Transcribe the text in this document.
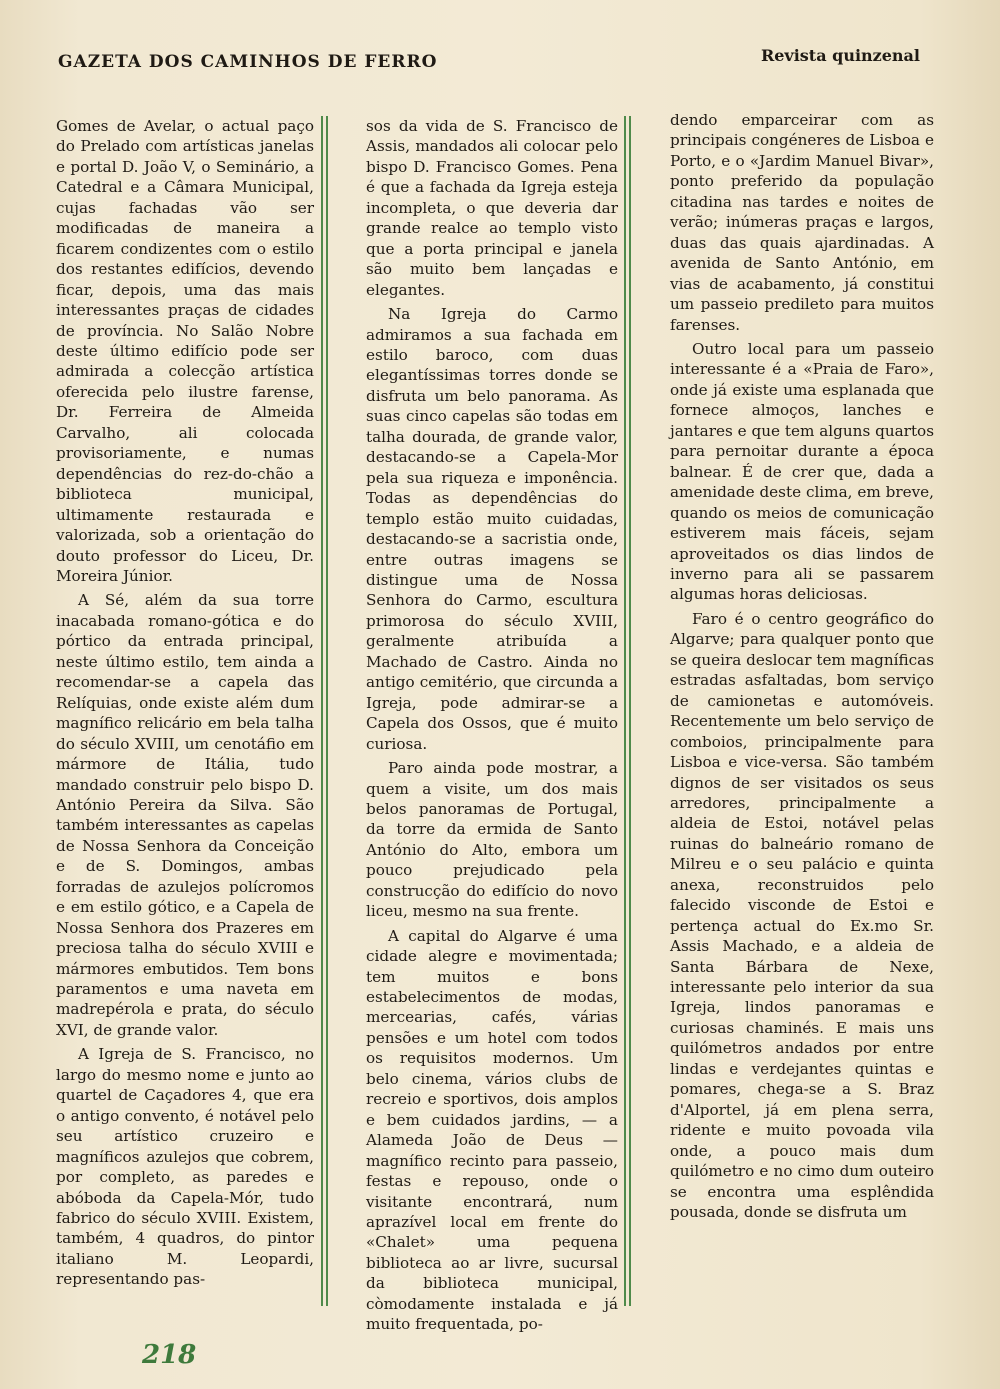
GAZETA DOS CAMINHOS DE FERRO	Revista quinzenal

Gomes de Avelar, o actual paço do Prelado com artísticas janelas e portal D. João V, o Seminário, a Catedral e a Câmara Municipal, cujas fachadas vão ser modificadas de maneira a ficarem condizentes com o estilo dos restantes edifícios, devendo ficar, depois, uma das mais interessantes praças de cidades de província. No Salão Nobre deste último edifício pode ser admirada a colecção artística oferecida pelo ilustre farense, Dr. Ferreira de Almeida Carvalho, ali colocada provisoriamente, e numas dependências do rez-do-chão a biblioteca municipal, ultimamente restaurada e valorizada, sob a orientação do douto professor do Liceu, Dr. Moreira Júnior.

A Sé, além da sua torre inacabada romano-gótica e do pórtico da entrada principal, neste último estilo, tem ainda a recomendar-se a capela das Relíquias, onde existe além dum magnífico relicário em bela talha do século XVIII, um cenotáfio em mármore de Itália, tudo mandado construir pelo bispo D. António Pereira da Silva. São também interessantes as capelas de Nossa Senhora da Conceição e de S. Domingos, ambas forradas de azulejos polícromos e em estilo gótico, e a Capela de Nossa Senhora dos Prazeres em preciosa talha do século XVIII e mármores embutidos. Tem bons paramentos e uma naveta em madrepérola e prata, do século XVI, de grande valor.

A Igreja de S. Francisco, no largo do mesmo nome e junto ao quartel de Caçadores 4, que era o antigo convento, é notável pelo seu artístico cruzeiro e magníficos azulejos que cobrem, por completo, as paredes e abóboda da Capela-Mór, tudo fabrico do século XVIII. Existem, também, 4 quadros, do pintor italiano M. Leopardi, representando pas-

sos da vida de S. Francisco de Assis, mandados ali colocar pelo bispo D. Francisco Gomes. Pena é que a fachada da Igreja esteja incompleta, o que deveria dar grande realce ao templo visto que a porta principal e janela são muito bem lançadas e elegantes.

Na Igreja do Carmo admiramos a sua fachada em estilo baroco, com duas elegantíssimas torres donde se disfruta um belo panorama. As suas cinco capelas são todas em talha dourada, de grande valor, destacando-se a Capela-Mor pela sua riqueza e imponência. Todas as dependências do templo estão muito cuidadas, destacando-se a sacristia onde, entre outras imagens se distingue uma de Nossa Senhora do Carmo, escultura primorosa do século XVIII, geralmente atribuída a Machado de Castro. Ainda no antigo cemitério, que circunda a Igreja, pode admirar-se a Capela dos Ossos, que é muito curiosa.

Paro ainda pode mostrar, a quem a visite, um dos mais belos panoramas de Portugal, da torre da ermida de Santo António do Alto, embora um pouco prejudicado pela construcção do edifício do novo liceu, mesmo na sua frente.

A capital do Algarve é uma cidade alegre e movimentada; tem muitos e bons estabelecimentos de modas, mercearias, cafés, várias pensões e um hotel com todos os requisitos modernos. Um belo cinema, vários clubs de recreio e sportivos, dois amplos e bem cuidados jardins, — a Alameda João de Deus — magnífico recinto para passeio, festas e repouso, onde o visitante encontrará, num aprazível local em frente do «Chalet» uma pequena biblioteca ao ar livre, sucursal da biblioteca municipal, còmodamente instalada e já muito frequentada, po-

dendo emparceirar com as principais congéneres de Lisboa e Porto, e o «Jardim Manuel Bivar», ponto preferido da população citadina nas tardes e noites de verão; inúmeras praças e largos, duas das quais ajardinadas. A avenida de Santo António, em vias de acabamento, já constitui um passeio predileto para muitos farenses.

Outro local para um passeio interessante é a «Praia de Faro», onde já existe uma esplanada que fornece almoços, lanches e jantares e que tem alguns quartos para pernoitar durante a época balnear. É de crer que, dada a amenidade deste clima, em breve, quando os meios de comunicação estiverem mais fáceis, sejam aproveitados os dias lindos de inverno para ali se passarem algumas horas deliciosas.

Faro é o centro geográfico do Algarve; para qualquer ponto que se queira deslocar tem magníficas estradas asfaltadas, bom serviço de camionetas e automóveis. Recentemente um belo serviço de comboios, principalmente para Lisboa e vice-versa. São também dignos de ser visitados os seus arredores, principalmente a aldeia de Estoi, notável pelas ruinas do balneário romano de Milreu e o seu palácio e quinta anexa, reconstruidos pelo falecido visconde de Estoi e pertença actual do Ex.mo Sr. Assis Machado, e a aldeia de Santa Bárbara de Nexe, interessante pelo interior da sua Igreja, lindos panoramas e curiosas chaminés. E mais uns quilómetros andados por entre lindas e verdejantes quintas e pomares, chega-se a S. Braz d'Alportel, já em plena serra, ridente e muito povoada vila onde, a pouco mais dum quilómetro e no cimo dum outeiro se encontra uma esplêndida pousada, donde se disfruta um

218
